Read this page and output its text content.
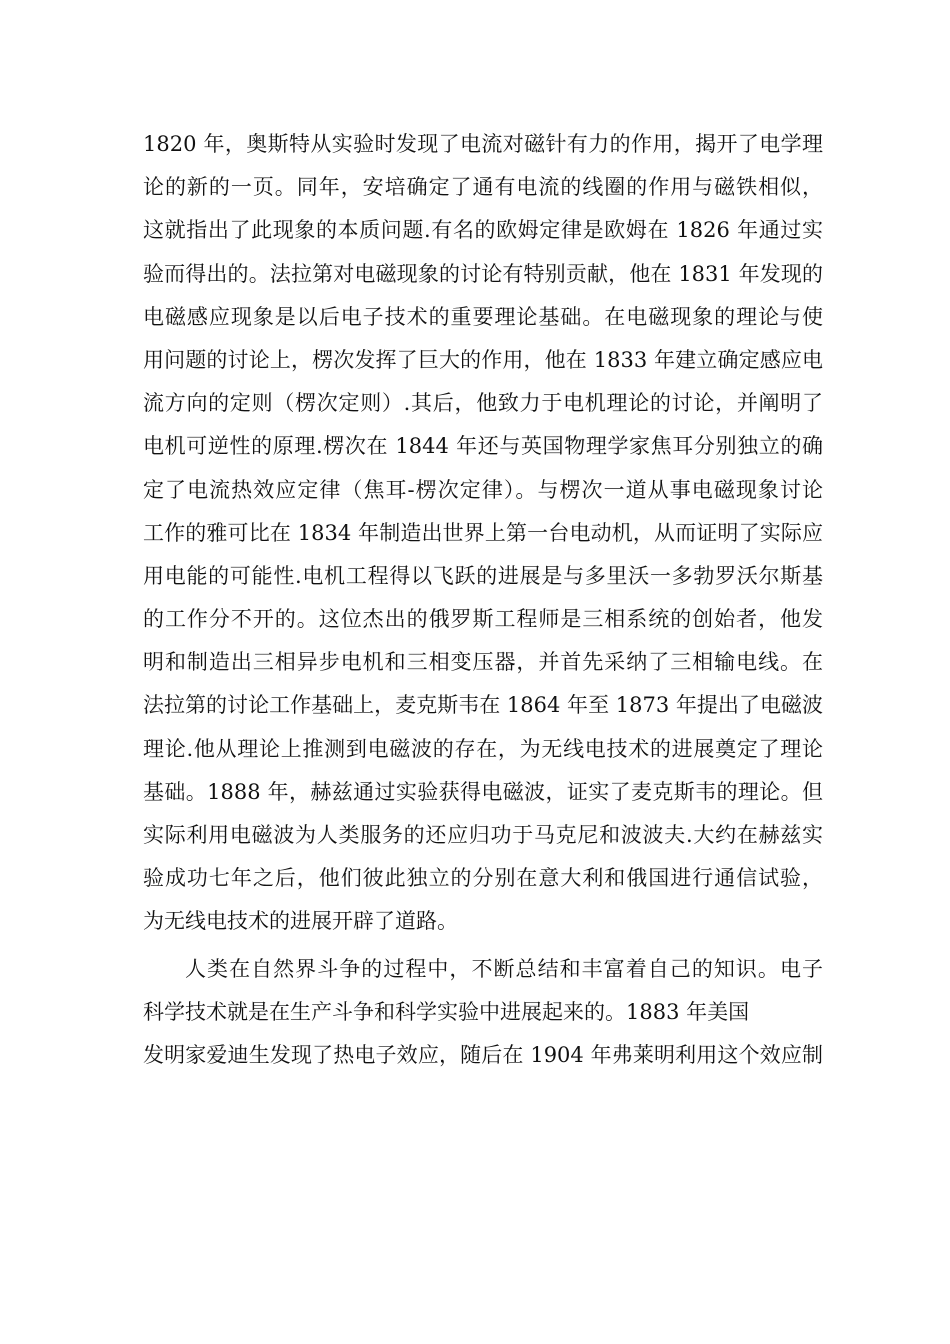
1820 年，奥斯特从实验时发现了电流对磁针有力的作用，揭开了电学理
论的新的一页。同年，安培确定了通有电流的线圈的作用与磁铁相似，
这就指出了此现象的本质问题.有名的欧姆定律是欧姆在 1826 年通过实
验而得出的。法拉第对电磁现象的讨论有特别贡献，他在 1831 年发现的
电磁感应现象是以后电子技术的重要理论基础。在电磁现象的理论与使
用问题的讨论上，楞次发挥了巨大的作用，他在 1833 年建立确定感应电
流方向的定则（楞次定则）.其后，他致力于电机理论的讨论，并阐明了
电机可逆性的原理.楞次在 1844 年还与英国物理学家焦耳分别独立的确
定了电流热效应定律（焦耳-楞次定律）。与楞次一道从事电磁现象讨论
工作的雅可比在 1834 年制造出世界上第一台电动机，从而证明了实际应
用电能的可能性.电机工程得以飞跃的进展是与多里沃一多勃罗沃尔斯基
的工作分不开的。这位杰出的俄罗斯工程师是三相系统的创始者，他发
明和制造出三相异步电机和三相变压器，并首先采纳了三相输电线。在
法拉第的讨论工作基础上，麦克斯韦在 1864 年至 1873 年提出了电磁波
理论.他从理论上推测到电磁波的存在，为无线电技术的进展奠定了理论
基础。1888 年，赫兹通过实验获得电磁波，证实了麦克斯韦的理论。但
实际利用电磁波为人类服务的还应归功于马克尼和波波夫.大约在赫兹实
验成功七年之后，他们彼此独立的分别在意大利和俄国进行通信试验，
为无线电技术的进展开辟了道路。
人类在自然界斗争的过程中，不断总结和丰富着自己的知识。电子
科学技术就是在生产斗争和科学实验中进展起来的。1883 年美国
发明家爱迪生发现了热电子效应，随后在 1904 年弗莱明利用这个效应制
